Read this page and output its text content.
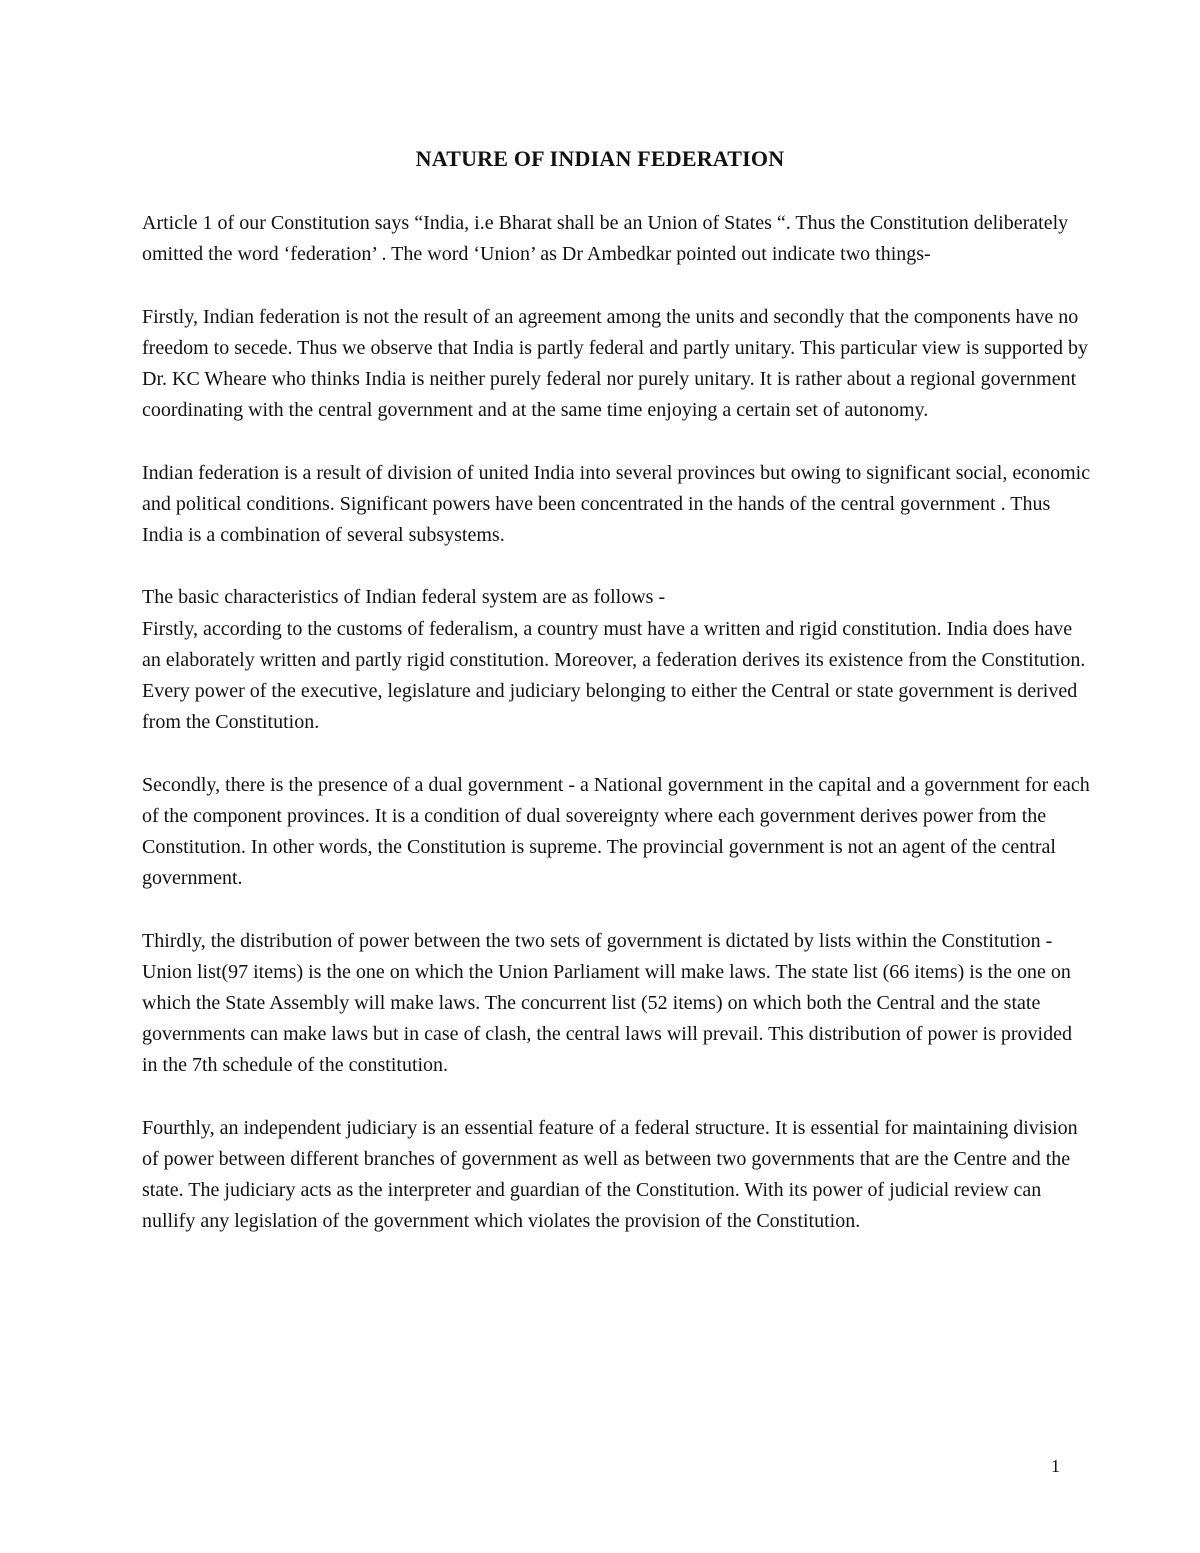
NATURE OF INDIAN FEDERATION

Article 1 of our Constitution says “India, i.e Bharat shall be an Union of States “. Thus the Constitution deliberately omitted the word ‘federation’ . The word ‘Union’ as Dr Ambedkar pointed out indicate two things-

Firstly, Indian federation is not the result of an agreement among the units and secondly that the components have no freedom to secede. Thus we observe that India is partly federal and partly unitary. This particular view is supported by Dr. KC Wheare who thinks India is neither purely federal nor purely unitary. It is rather about a regional government coordinating with the central government and at the same time enjoying a certain set of autonomy.

Indian federation is a result of division of united India into several provinces but owing to significant social, economic and political conditions. Significant powers have been concentrated in the hands of the central government . Thus India is a combination of several subsystems.

The basic characteristics of Indian federal system are as follows -

Firstly, according to the customs of federalism, a country must have a written and rigid constitution. India does have an elaborately written and partly rigid constitution. Moreover, a federation derives its existence from the Constitution. Every power of the executive, legislature and judiciary belonging to either the Central or state government is derived from the Constitution.

Secondly, there is the presence of a dual government - a National government in the capital and a government for each of the component provinces. It is a condition of dual sovereignty where each government derives power from the Constitution. In other words, the Constitution is supreme. The provincial government is not an agent of the central government.

Thirdly, the distribution of power between the two sets of government is dictated by lists within the Constitution - Union list(97 items) is the one on which the Union Parliament will make laws. The state list (66 items) is the one on which the State Assembly will make laws. The concurrent list (52 items) on which both the Central and the state governments can make laws but in case of clash, the central laws will prevail. This distribution of power is provided in the 7th schedule of the constitution.

Fourthly, an independent judiciary is an essential feature of a federal structure. It is essential for maintaining division of power between different branches of government as well as between two governments that are the Centre and the state. The judiciary acts as the interpreter and guardian of the Constitution. With its power of judicial review can nullify any legislation of the government which violates the provision of the Constitution.

1
